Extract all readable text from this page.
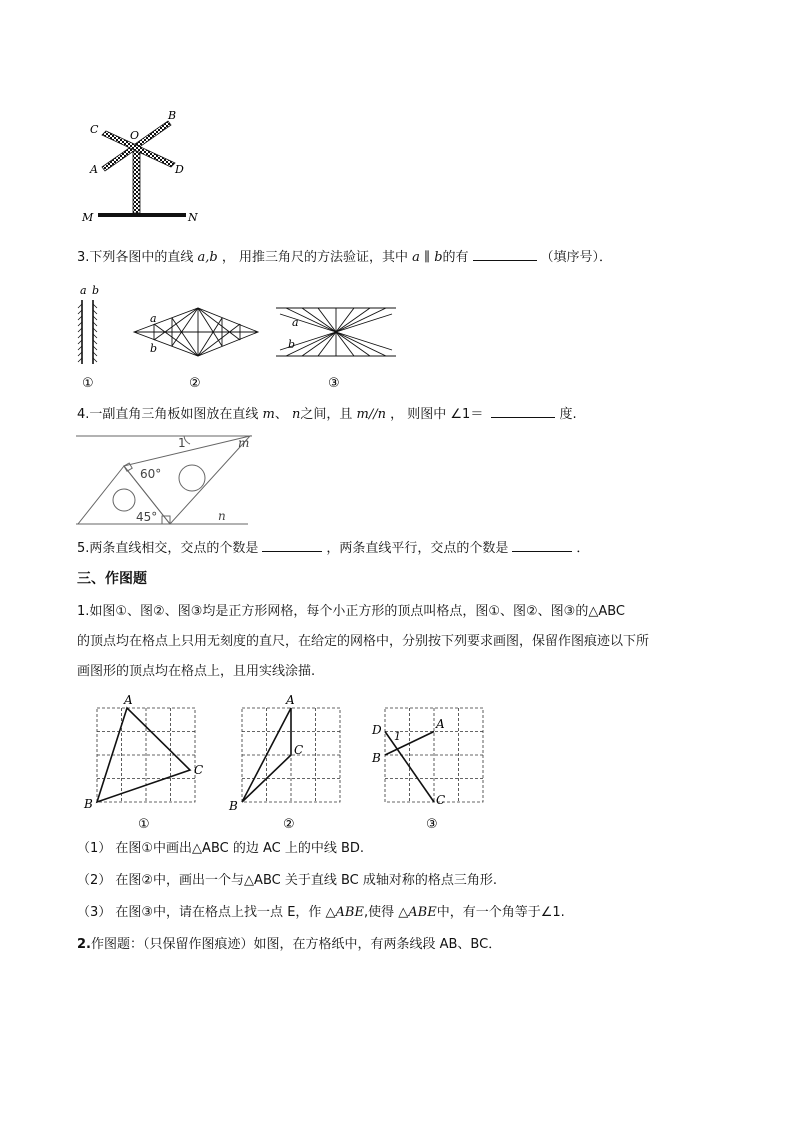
C
B
O
A	D
M	N
3.下列各图中的直线 a,b ， 用推三角尺的方法验证，其中 a ∥ b的有	（填序号）．
a b
①
a
b
②
a
b
③
4.一副直角三角板如图放在直线 m、 n之间，且 m//n ， 则图中 ∠1＝	度.
1
60°
45°
m
n
5.两条直线相交，交点的个数是	，两条直线平行，交点的个数是	．
三、作图题
1.如图①、图②、图③均是正方形网格，每个小正方形的顶点叫格点，图①、图②、图③的△ABC
的顶点均在格点上只用无刻度的直尺，在给定的网格中，分别按下列要求画图，保留作图痕迹以下所
画图形的顶点均在格点上，且用实线涂描.
A
B
C
A
C
B
D 1
A
B
C
①	②	③
（1） 在图①中画出△ABC 的边 AC 上的中线 BD.
（2） 在图②中，画出一个与△ABC 关于直线 BC 成轴对称的格点三角形.
（3） 在图③中，请在格点上找一点 E，作 △ABE,使得 △ABE中，有一个角等于∠1.
2.作图题：（只保留作图痕迹）如图，在方格纸中，有两条线段 AB、BC．
